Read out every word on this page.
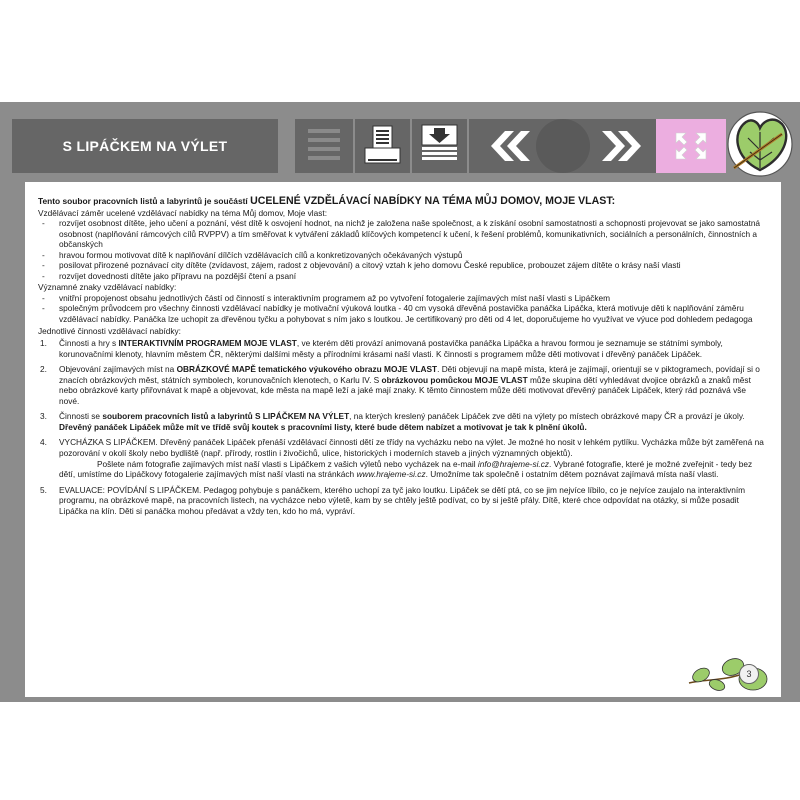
S LIPÁČKEM NA VÝLET
Tento soubor pracovních listů a labyrintů je součástí UCELENÉ VZDĚLÁVACÍ NABÍDKY NA TÉMA MŮJ DOMOV, MOJE VLAST:
Vzdělávací záměr ucelené vzdělávací nabídky na téma Můj domov, Moje vlast:
- rozvíjet osobnost dítěte, jeho učení a poznání, vést dítě k osvojení hodnot, na nichž je založena naše společnost, a k získání osobní samostatnosti a schopnosti projevovat se jako samostatná osobnost (naplňování rámcových cílů RVPPV) a tím směřovat k vytváření základů klíčových kompetencí k učení, k řešení problémů, komunikativních, sociálních a personálních, činnostních a občanských
- hravou formou motivovat dítě k naplňování dílčích vzdělávacích cílů a konkretizovaných očekávaných výstupů
- posilovat přirozené poznávací city dítěte (zvídavost, zájem, radost z objevování) a citový vztah k jeho domovu České republice, probouzet zájem dítěte o krásy naší vlasti
- rozvíjet dovednosti dítěte jako přípravu na pozdější čtení a psaní
Významné znaky vzdělávací nabídky:
- vnitřní propojenost obsahu jednotlivých částí od činností s interaktivním programem až po vytvoření fotogalerie zajímavých míst naší vlasti s Lipáčkem
- společným průvodcem pro všechny činnosti vzdělávací nabídky je motivační výuková loutka - 40 cm vysoká dřevěná postavička panáčka Lipáčka, která motivuje děti k naplňování záměru vzdělávací nabídky. Panáčka lze uchopit za dřevěnou tyčku a pohybovat s ním jako s loutkou. Je certifikovaný pro děti od 4 let, doporučujeme ho využívat ve výuce pod dohledem pedagoga
Jednotlivé činnosti vzdělávací nabídky:
1. Činnosti a hry s INTERAKTIVNÍM PROGRAMEM MOJE VLAST, ve kterém děti provází animovaná postavička panáčka Lipáčka a hravou formou je seznamuje se státními symboly, korunovačními klenoty, hlavním městem ČR, některými dalšími městy a přírodními krásami naší vlasti. K činnosti s programem může děti motivovat i dřevěný panáček Lipáček.
2. Objevování zajímavých míst na OBRÁZKOVÉ MAPĚ tematického výukového obrazu MOJE VLAST. Děti objevují na mapě místa, která je zajímají, orientují se v piktogramech, povídají si o znacích obrázkových měst, státních symbolech, korunovačních klenotech, o Karlu IV. S obrázkovou pomůckou MOJE VLAST může skupina dětí vyhledávat dvojice obrázků a znaků měst nebo obrázkové karty přiřovnávat k mapě a objevovat, kde města na mapě leží a jaké mají znaky. K těmto činnostem může děti motivovat dřevěný panáček Lipáček, který rád poznává vše nové.
3. Činnosti se soubor​em pracovních listů a labyrintů S LIPÁČKEM NA VÝLET, na kterých kreslený panáček Lipáček zve děti na výlety po místech obrázkové mapy ČR a provází je úkoly. Dřevěný panáček Lipáček může mít ve třídě svůj koutek s pracovními listy, které bude dětem nabízet a motivovat je tak k plnění úkolů.
4. VYCHÁZKA S LIPÁČKEM. Dřevěný panáček Lipáček přenáší vzdělávací činnosti dětí ze třídy na vycházku nebo na výlet. Je možné ho nosit v lehkém pytlíku. Vycházka může být zaměřená na pozorování v okolí školy nebo bydliště (např. přírody, rostlin i živočichů, ulice, historických i moderních staveb a jiných významných objektů).
Pošlete nám fotografie zajímavých míst naší vlasti s Lipáčkem z vašich výletů nebo vycházek na e-mail info@hrajeme-si.cz. Vybrané fotografie, které je možné zveřejnit - tedy bez dětí, umístíme do Lipáčkovy fotogalerie zajímavých míst naší vlasti na stránkách www.hrajeme-si.cz. Umožníme tak společně i ostatním dětem poznávat zajímavá místa naší vlasti.
5. EVALUACE: POVÍDÁNÍ S LIPÁČKEM. Pedagog pohybuje s panáčkem, kterého uchopí za tyč jako loutku. Lipáček se dětí ptá, co se jim nejvíce líbilo, co je nejvíce zaujalo na interaktivním programu, na obrázkové mapě, na pracovních listech, na vycházce nebo výletě, kam by se chtěly ještě podívat, co by si ještě přály. Dítě, které chce odpovídat na otázky, si může posadit Lipáčka na klín. Děti si panáčka mohou předávat a vždy ten, kdo ho má, vypráví.
3
